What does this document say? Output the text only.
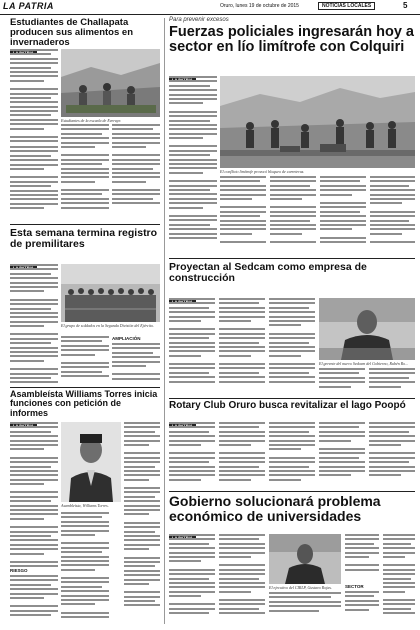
LA PATRIA	Oruro, lunes 19 de octubre de 2015	NOTICIAS LOCALES	5
Estudiantes de Challapata producen sus alimentos en invernaderos
Estudiantes de la escuela de Everaye.
Esta semana termina registro de premilitares
El grupo de soldados en la Segunda División del Ejército.
AMPLIACIÓN
Asambleísta Williams Torres inicia funciones con petición de informes
Asambleísta, Williams Torres.
RIESGO
Para prevenir excesos
Fuerzas policiales ingresarán hoy a sector en lío limítrofe con Colquiri
El conflicto limítrofe provocó bloqueo de carreteras.
Proyectan al Sedcam como empresa de construcción
El gerente del nuevo Sedcam del Gobierno, Rubén Ro...
Rotary Club Oruro busca revitalizar el lago Poopó
Gobierno solucionará problema económico de universidades
El ejecutivo del CIRLP, Gustavo Rojas.	SECTOR
